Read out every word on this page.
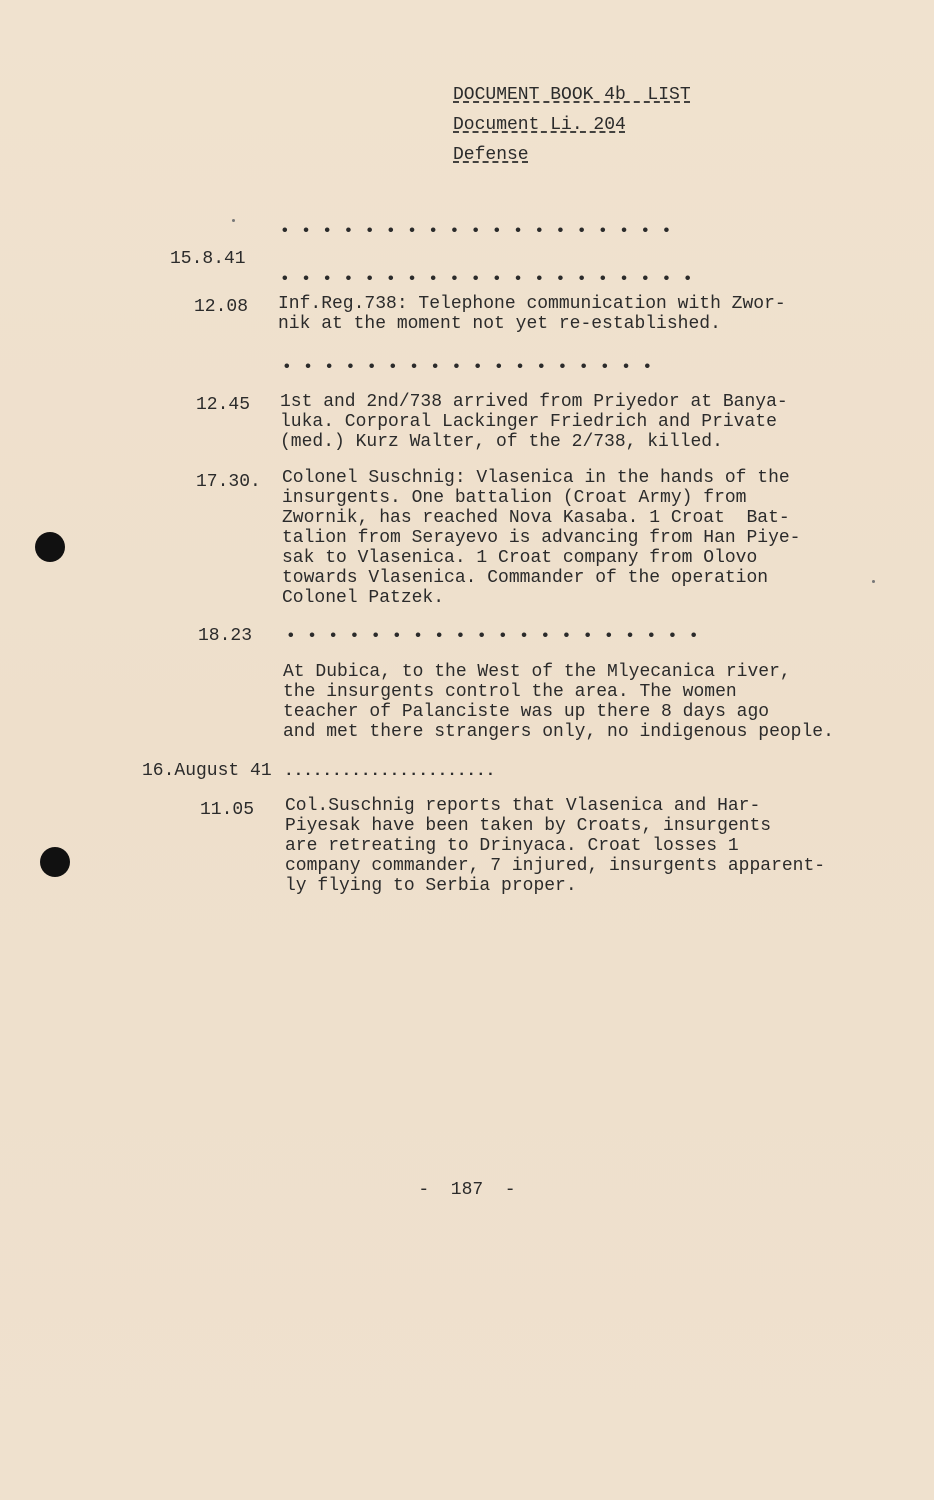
DOCUMENT BOOK 4b  LIST
Document Li. 204
Defense
• • • • • • • • • • • • • • • • • • •
15.8.41
• • • • • • • • • • • • • • • • • • • •
12.08 Inf.Reg.738: Telephone communication with Zwor-
nik at the moment not yet re-established.
• • • • • • • • • • • • • • • • • •
12.45 1st and 2nd/738 arrived from Priyedor at Banya-
luka. Corporal Lackinger Friedrich and Private
(med.) Kurz Walter, of the 2/738, killed.
17.30. Colonel Suschnig: Vlasenica in the hands of the
insurgents. One battalion (Croat Army) from
Zwornik, has reached Nova Kasaba. 1 Croat  Bat-
talion from Serayevo is advancing from Han Piye-
sak to Vlasenica. 1 Croat company from Olovo
towards Vlasenica. Commander of the operation
Colonel Patzek.
18.23 • • • • • • • • • • • • • • • • • • • •
At Dubica, to the West of the Mlyecanica river,
the insurgents control the area. The women
teacher of Palanciste was up there 8 days ago
and met there strangers only, no indigenous people.
16.August 41 ......................
11.05 Col.Suschnig reports that Vlasenica and Har-
Piyesak have been taken by Croats, insurgents
are retreating to Drinyaca. Croat losses 1
company commander, 7 injured, insurgents apparent-
ly flying to Serbia proper.
-  187  -
